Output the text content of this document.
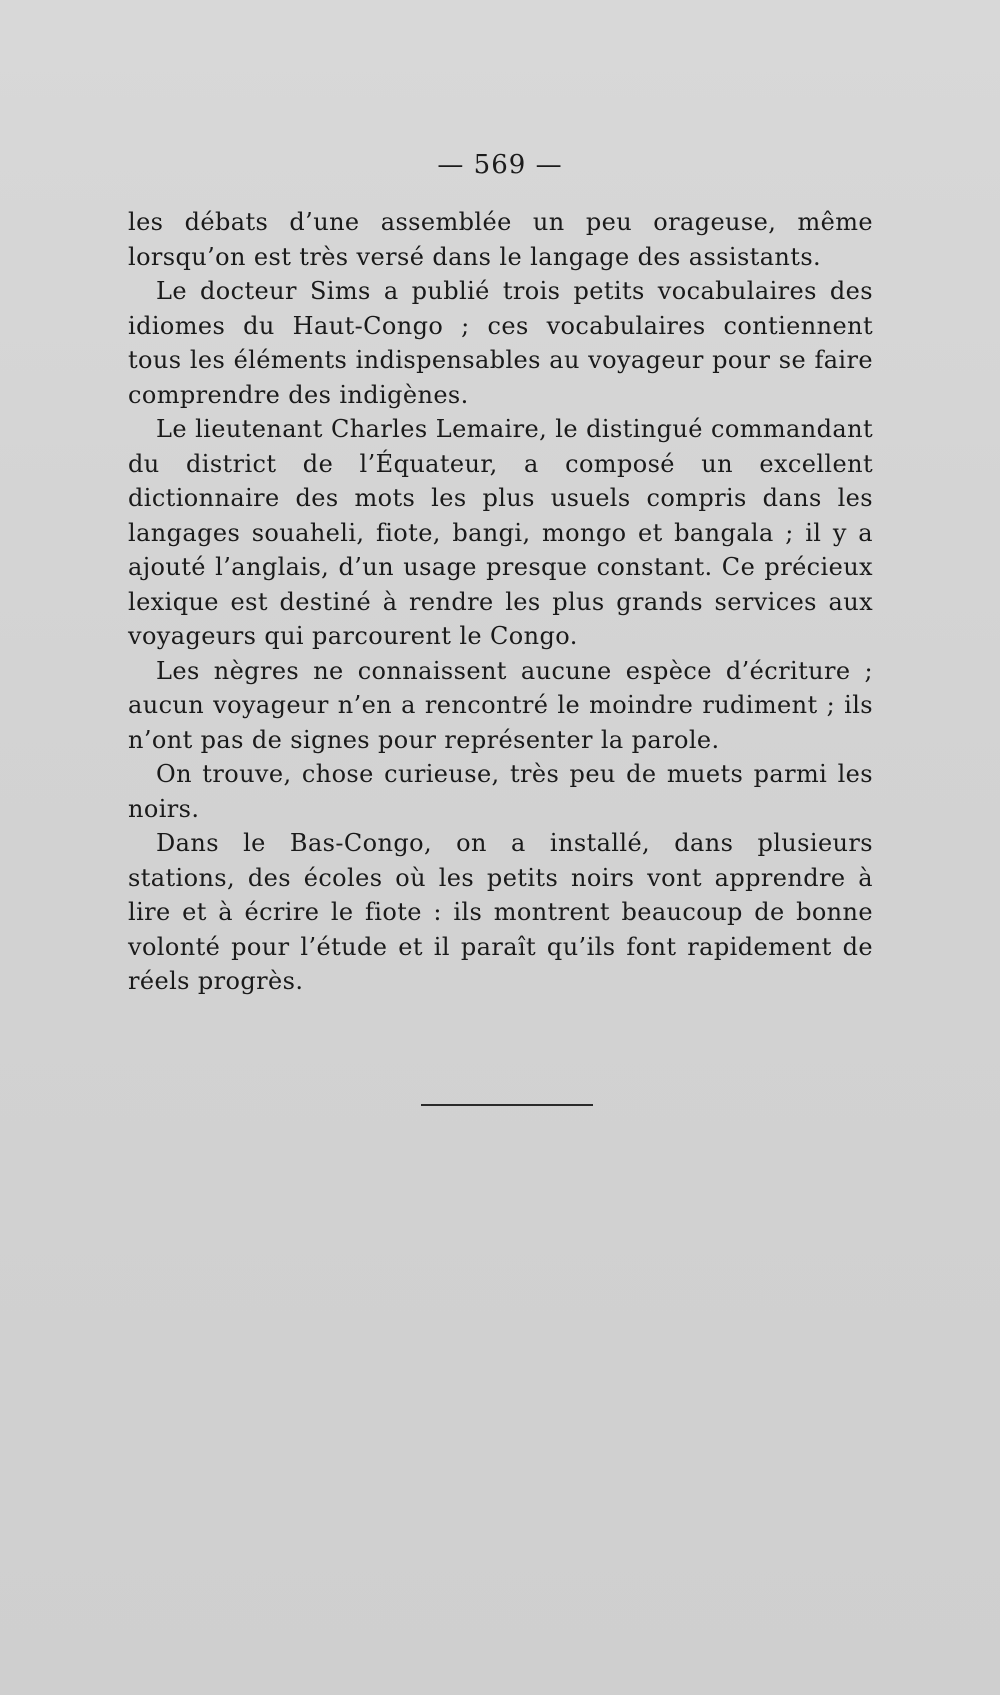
— 569 —

les débats d’une assemblée un peu orageuse, même lorsqu’on est très versé dans le langage des assistants.

Le docteur Sims a publié trois petits vocabulaires des idiomes du Haut-Congo ; ces vocabulaires contiennent tous les éléments indispensables au voyageur pour se faire comprendre des indigènes.

Le lieutenant Charles Lemaire, le distingué commandant du district de l’Équateur, a composé un excellent dictionnaire des mots les plus usuels compris dans les langages souaheli, fiote, bangi, mongo et bangala ; il y a ajouté l’anglais, d’un usage presque constant. Ce précieux lexique est destiné à rendre les plus grands services aux voyageurs qui parcourent le Congo.

Les nègres ne connaissent aucune espèce d’écriture ; aucun voyageur n’en a rencontré le moindre rudiment ; ils n’ont pas de signes pour représenter la parole.

On trouve, chose curieuse, très peu de muets parmi les noirs.

Dans le Bas-Congo, on a installé, dans plusieurs stations, des écoles où les petits noirs vont apprendre à lire et à écrire le fiote : ils montrent beaucoup de bonne volonté pour l’étude et il paraît qu’ils font rapidement de réels progrès.
